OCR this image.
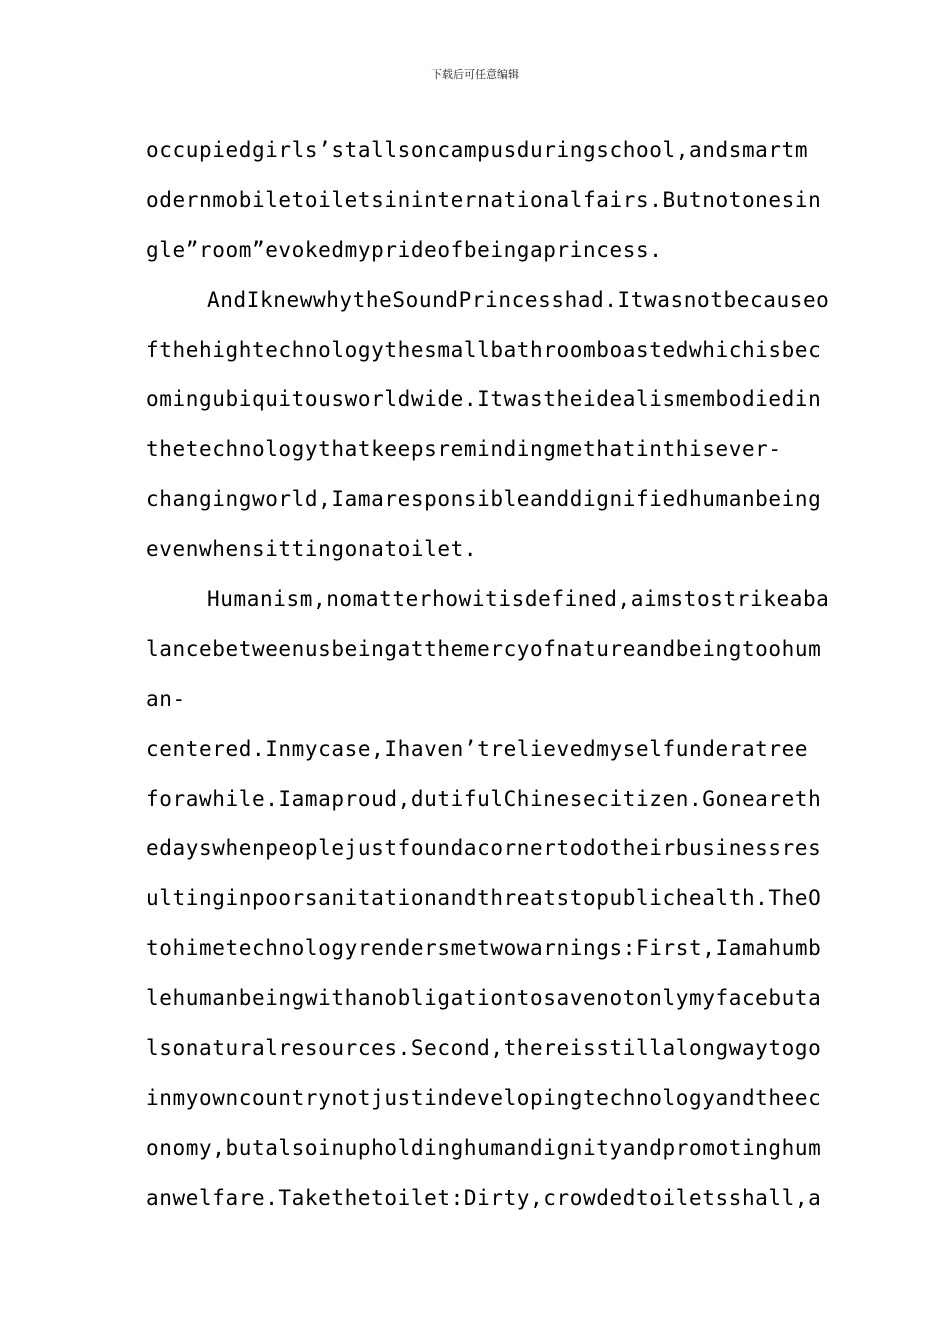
下载后可任意编辑
occupiedgirls’stallsoncampusduringschool,andsmartm
odernmobiletoiletsininternationalfairs.Butnotonesin
gle”room”evokedmyprideofbeingaprincess.
AndIknewwhytheSoundPrincesshad.Itwasnotbecauseo
fthehightechnologythesmallbathroomboastedwhichisbec
omingubiquitousworldwide.Itwastheidealismembodiedin
thetechnologythatkeepsremindingmethatinthisever-
changingworld,Iamaresponsibleanddignifiedhumanbeing
evenwhensittingonatoilet.
Humanism,nomatterhowitisdefined,aimstostrikeaba
lancebetweenusbeingatthemercyofnatureandbeingtoohum
an-
centered.Inmycase,Ihaven’trelievedmyselfunderatree
forawhile.Iamaproud,dutifulChinesecitizen.Goneareth
edayswhenpeoplejustfoundacornertodotheirbusinessres
ultinginpoorsanitationandthreatstopublichealth.TheO
tohimetechnologyrendersmetwowarnings:First,Iamahumb
lehumanbeingwithanobligationtosavenotonlymyfacebuta
lsonaturalresources.Second,thereisstillalongwaytogo
inmyowncountrynotjustindevelopingtechnologyandtheec
onomy,butalsoinupholdinghumandignityandpromotinghum
anwelfare.Takethetoilet:Dirty,crowdedtoiletsshall,a
